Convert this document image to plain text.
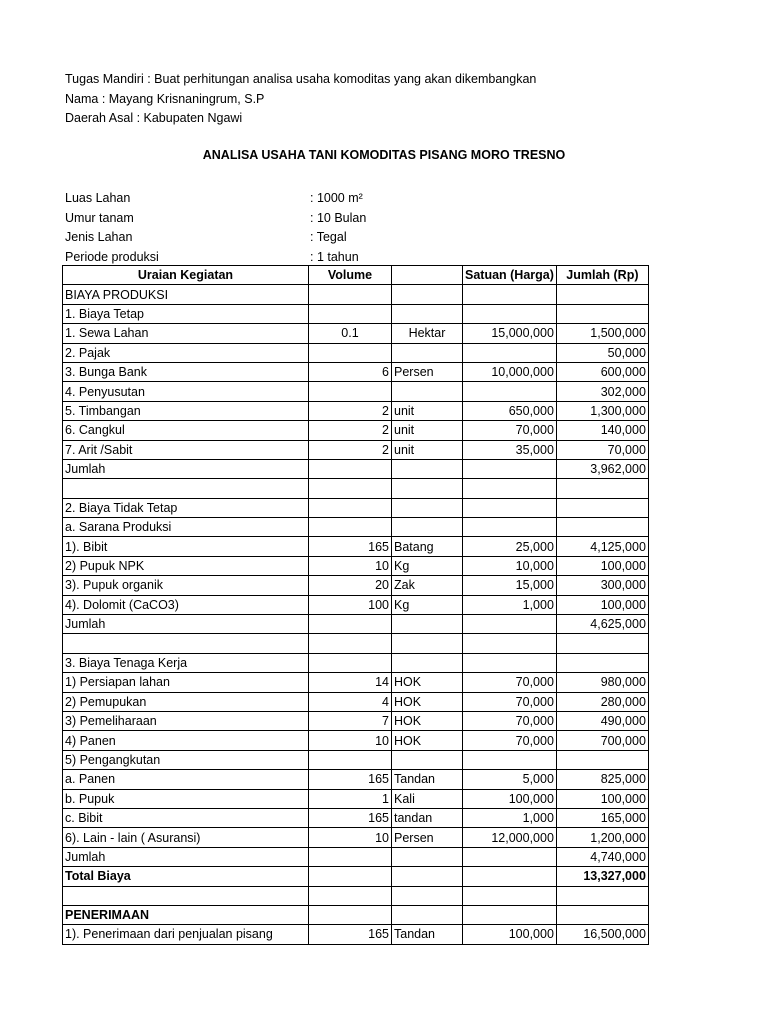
Tugas Mandiri : Buat perhitungan analisa usaha komoditas yang akan dikembangkan
Nama : Mayang Krisnaningrum, S.P
Daerah Asal : Kabupaten Ngawi
ANALISA USAHA TANI KOMODITAS PISANG MORO TRESNO
Luas Lahan	: 1000 m²
Umur tanam	: 10 Bulan
Jenis Lahan	: Tegal
Periode produksi	: 1 tahun
Uraian Kegiatan	Volume		Satuan (Harga)	Jumlah (Rp)
BIAYA PRODUKSI				
1. Biaya Tetap				
1. Sewa Lahan	0.1	Hektar	15,000,000	1,500,000
2. Pajak				50,000
3. Bunga Bank	6	Persen	10,000,000	600,000
4. Penyusutan				302,000
5. Timbangan	2	unit	650,000	1,300,000
6. Cangkul	2	unit	70,000	140,000
7. Arit /Sabit	2	unit	35,000	70,000
Jumlah				3,962,000

2. Biaya Tidak Tetap				
a. Sarana Produksi				
1). Bibit	165	Batang	25,000	4,125,000
2) Pupuk NPK	10	Kg	10,000	100,000
3). Pupuk organik	20	Zak	15,000	300,000
4). Dolomit (CaCO3)	100	Kg	1,000	100,000
Jumlah				4,625,000

3. Biaya Tenaga Kerja				
1) Persiapan lahan	14	HOK	70,000	980,000
2) Pemupukan	4	HOK	70,000	280,000
3) Pemeliharaan	7	HOK	70,000	490,000
4) Panen	10	HOK	70,000	700,000
5) Pengangkutan				
a. Panen	165	Tandan	5,000	825,000
b. Pupuk	1	Kali	100,000	100,000
c. Bibit	165	tandan	1,000	165,000
6). Lain - lain ( Asuransi)	10	Persen	12,000,000	1,200,000
Jumlah				4,740,000
Total Biaya				13,327,000

PENERIMAAN				
1). Penerimaan dari penjualan pisang	165	Tandan	100,000	16,500,000
